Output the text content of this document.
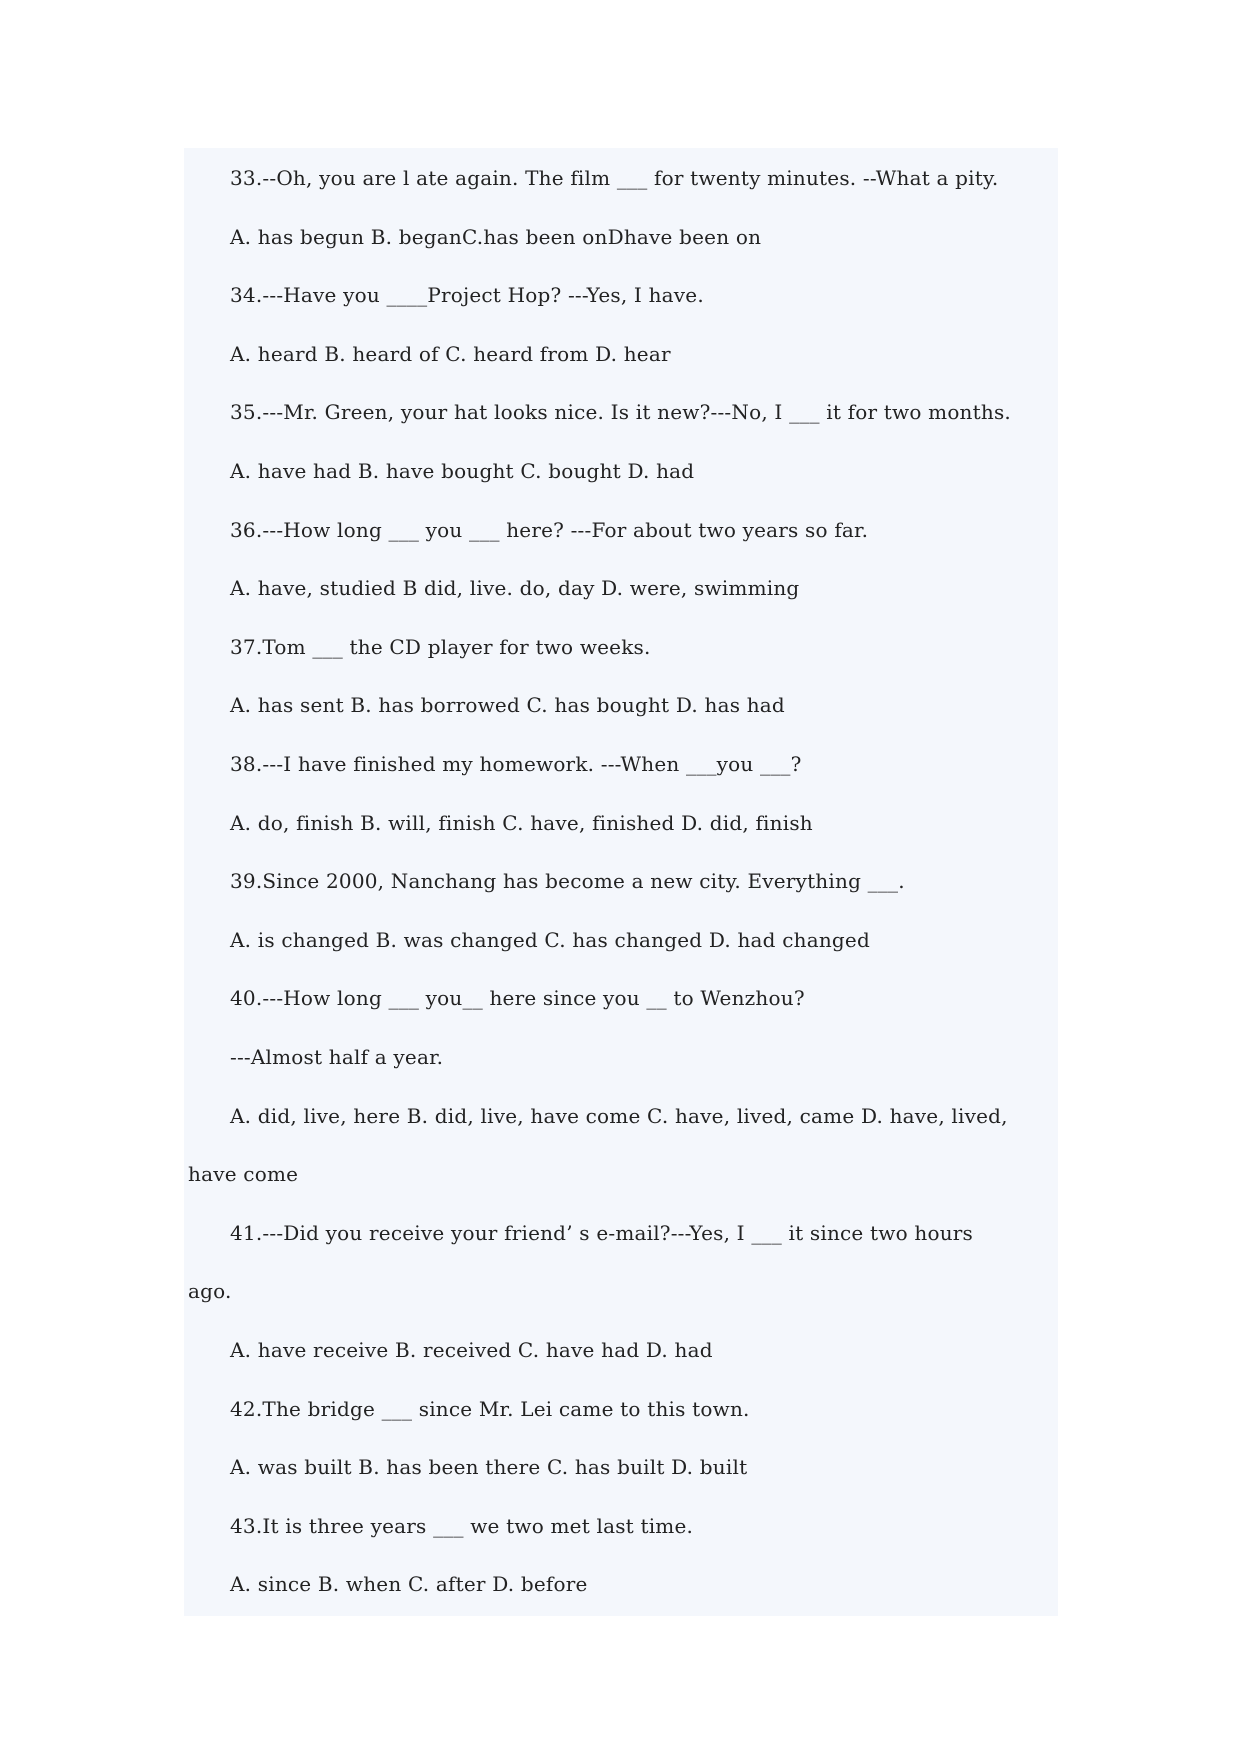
33.--Oh, you are l ate again. The film ___ for twenty minutes. --What a pity.
A. has begun B. beganC.has been onDhave been on
34.---Have you ____Project Hop? ---Yes, I have.
A. heard B. heard of C. heard from D. hear
35.---Mr. Green, your hat looks nice. Is it new?---No, I ___ it for two months.
A. have had B. have bought C. bought D. had
36.---How long ___ you ___ here? ---For about two years so far.
A. have, studied B did, live. do, day D. were, swimming
37.Tom ___ the CD player for two weeks.
A. has sent B. has borrowed C. has bought D. has had
38.---I have finished my homework. ---When ___you ___?
A. do, finish B. will, finish C. have, finished D. did, finish
39.Since 2000, Nanchang has become a new city. Everything ___.
A. is changed B. was changed C. has changed D. had changed
40.---How long ___ you__ here since you __ to Wenzhou?
---Almost half a year.
A. did, live, here B. did, live, have come C. have, lived, came D. have, lived,
have come
41.---Did you receive your friend’ s e-mail?---Yes, I ___ it since two hours
ago.
A. have receive B. received C. have had D. had
42.The bridge ___ since Mr. Lei came to this town.
A. was built B. has been there C. has built D. built
43.It is three years ___ we two met last time.
A. since B. when C. after D. before
